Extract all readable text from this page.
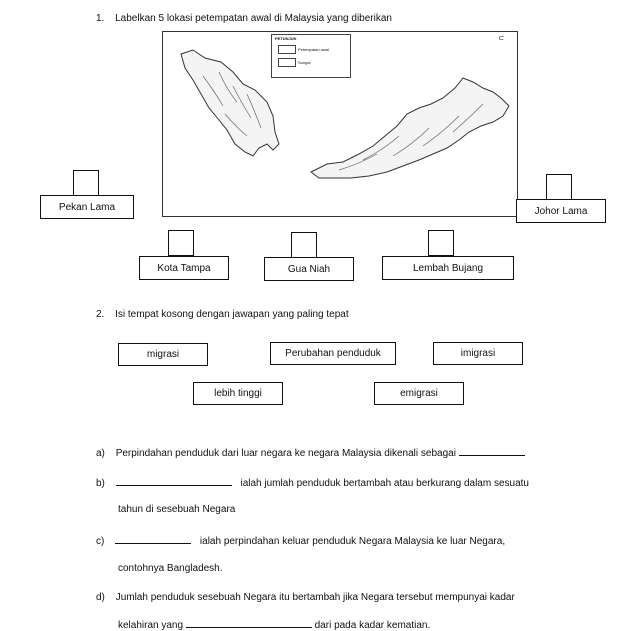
1. Labelkan 5 lokasi petempatan awal di Malaysia yang diberikan
PETUNJUK
Petempatan awal
Sungai
U
Pekan Lama	Johor Lama
Kota Tampa	Gua Niah	Lembah Bujang
2. Isi tempat kosong dengan jawapan yang paling tepat
migrasi	Perubahan penduduk	imigrasi
lebih tinggi	emigrasi
a) Perpindahan penduduk dari luar negara ke negara Malaysia dikenali sebagai
b)	ialah jumlah penduduk bertambah atau berkurang dalam sesuatu
tahun di sesebuah Negara
c)	ialah perpindahan keluar penduduk Negara Malaysia ke luar Negara,
contohnya Bangladesh.
d) Jumlah penduduk sesebuah Negara itu bertambah jika Negara tersebut mempunyai kadar
kelahiran yang	dari pada kadar kematian.
